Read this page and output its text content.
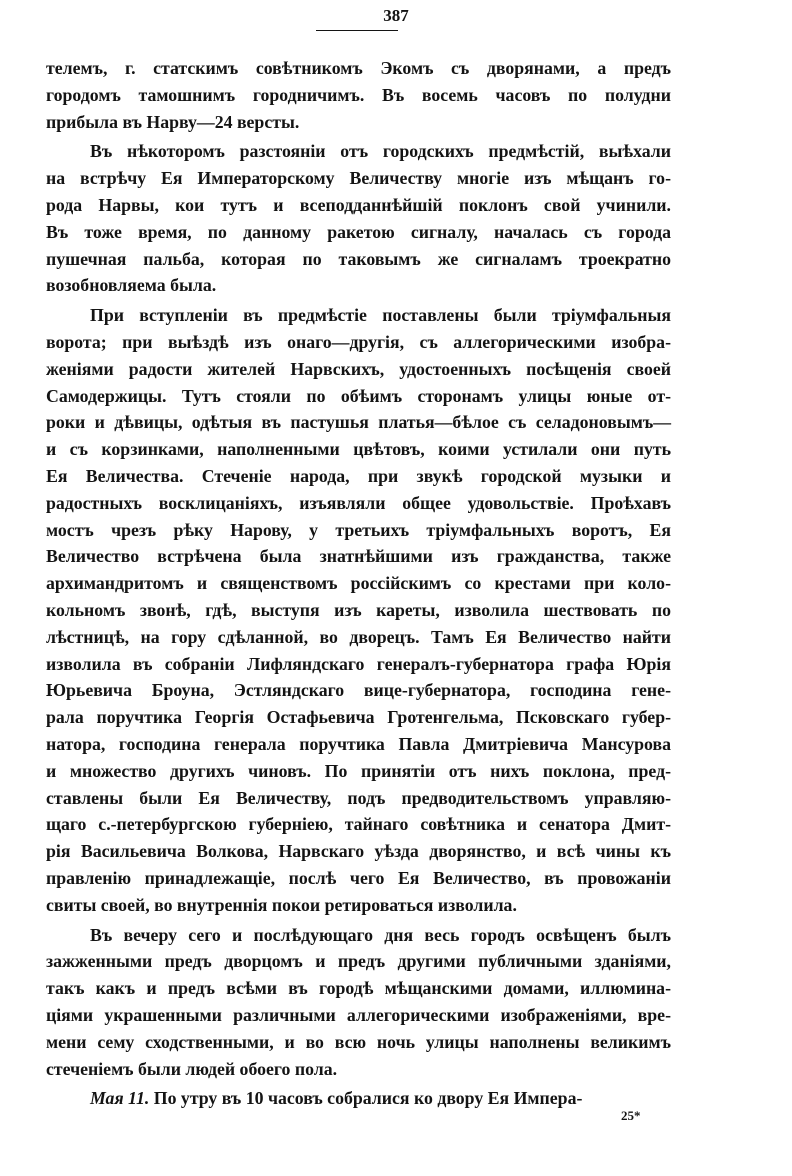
387
телемъ, г. статскимъ совѣтникомъ Экомъ съ дворянами, а предъ
городомъ тамошнимъ городничимъ. Въ восемь часовъ по полудни
прибыла въ Нарву—24 версты.
Въ нѣкоторомъ разстояніи отъ городскихъ предмѣстій, выѣхали
на встрѣчу Ея Императорскому Величеству многіе изъ мѣщанъ го-
рода Нарвы, кои тутъ и всеподданнѣйшій поклонъ свой учинили.
Въ тоже время, по данному ракетою сигналу, началась съ города
пушечная пальба, которая по таковымъ же сигналамъ троекратно
возобновляема была.
При вступленіи въ предмѣстіе поставлены были тріумфальныя
ворота; при выѣздѣ изъ онаго—другія, съ аллегорическими изобра-
женіями радости жителей Нарвскихъ, удостоенныхъ посѣщенія своей
Самодержицы. Тутъ стояли по обѣимъ сторонамъ улицы юные от-
роки и дѣвицы, одѣтыя въ пастушья платья—бѣлое съ селадоновымъ—
и съ корзинками, наполненными цвѣтовъ, коими устилали они путь
Ея Величества. Стеченіе народа, при звукѣ городской музыки и
радостныхъ восклицаніяхъ, изъявляли общее удовольствіе. Проѣхавъ
мостъ чрезъ рѣку Нарову, у третьихъ тріумфальныхъ воротъ, Ея
Величество встрѣчена была знатнѣйшими изъ гражданства, также
архимандритомъ и священствомъ россійскимъ со крестами при коло-
кольномъ звонѣ, гдѣ, выступя изъ кареты, изволила шествовать по
лѣстницѣ, на гору сдѣланной, во дворецъ. Тамъ Ея Величество найти
изволила въ собраніи Лифляндскаго генералъ-губернатора графа Юрія
Юрьевича Броуна, Эстляндскаго вице-губернатора, господина гене-
рала поручтика Георгія Остафьевича Гротенгельма, Псковскаго губер-
натора, господина генерала поручтика Павла Дмитріевича Мансурова
и множество другихъ чиновъ. По принятіи отъ нихъ поклона, пред-
ставлены были Ея Величеству, подъ предводительствомъ управляю-
щаго с.-петербургскою губерніею, тайнаго совѣтника и сенатора Дмит-
рія Васильевича Волкова, Нарвскаго уѣзда дворянство, и всѣ чины къ
правленію принадлежащіе, послѣ чего Ея Величество, въ провожаніи
свиты своей, во внутреннія покои ретироваться изволила.
Въ вечеру сего и послѣдующаго дня весь городъ освѣщенъ былъ
зажженными предъ дворцомъ и предъ другими публичными зданіями,
такъ какъ и предъ всѣми въ городѣ мѣщанскими домами, иллюмина-
ціями украшенными различными аллегорическими изображеніями, вре-
мени сему сходственными, и во всю ночь улицы наполнены великимъ
стеченіемъ были людей обоего пола.
Мая 11. По утру въ 10 часовъ собралися ко двору Ея Импера-
25*
